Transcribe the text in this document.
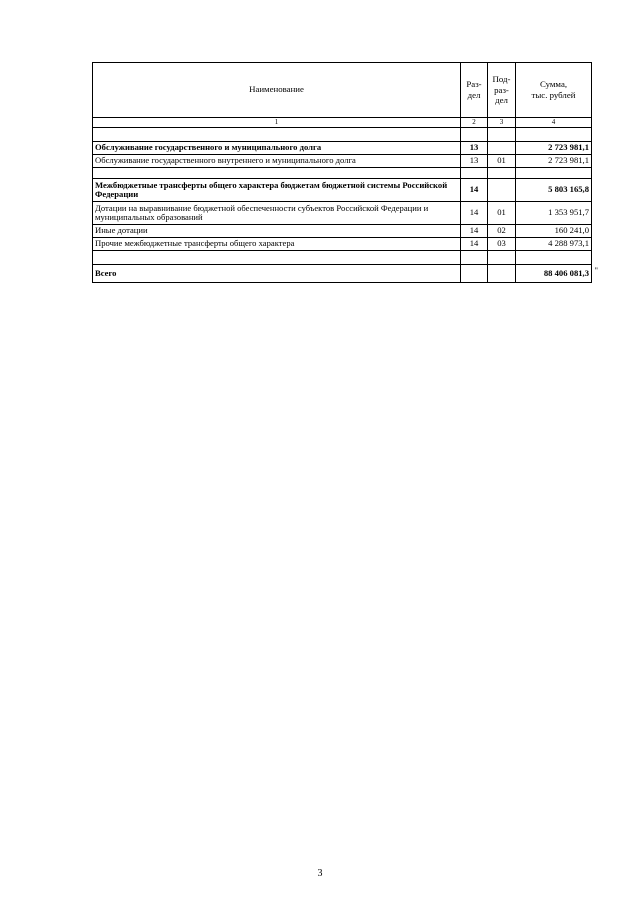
Наименование	Раз-
дел	Под-
раз-
дел	Сумма,
тыс. рублей
1	2	3	4

Обслуживание государственного и муниципального долга	13		2 723 981,1
Обслуживание государственного внутреннего и муниципального долга	13	01	2 723 981,1

Межбюджетные трансферты общего характера бюджетам бюджетной системы Российской Федерации	14		5 803 165,8
Дотации на выравнивание бюджетной обеспеченности субъектов Российской Федерации и муниципальных образований	14	01	1 353 951,7
Иные дотации	14	02	160 241,0
Прочие межбюджетные трансферты общего характера	14	03	4 288 973,1

Всего			88 406 081,3 "
3
